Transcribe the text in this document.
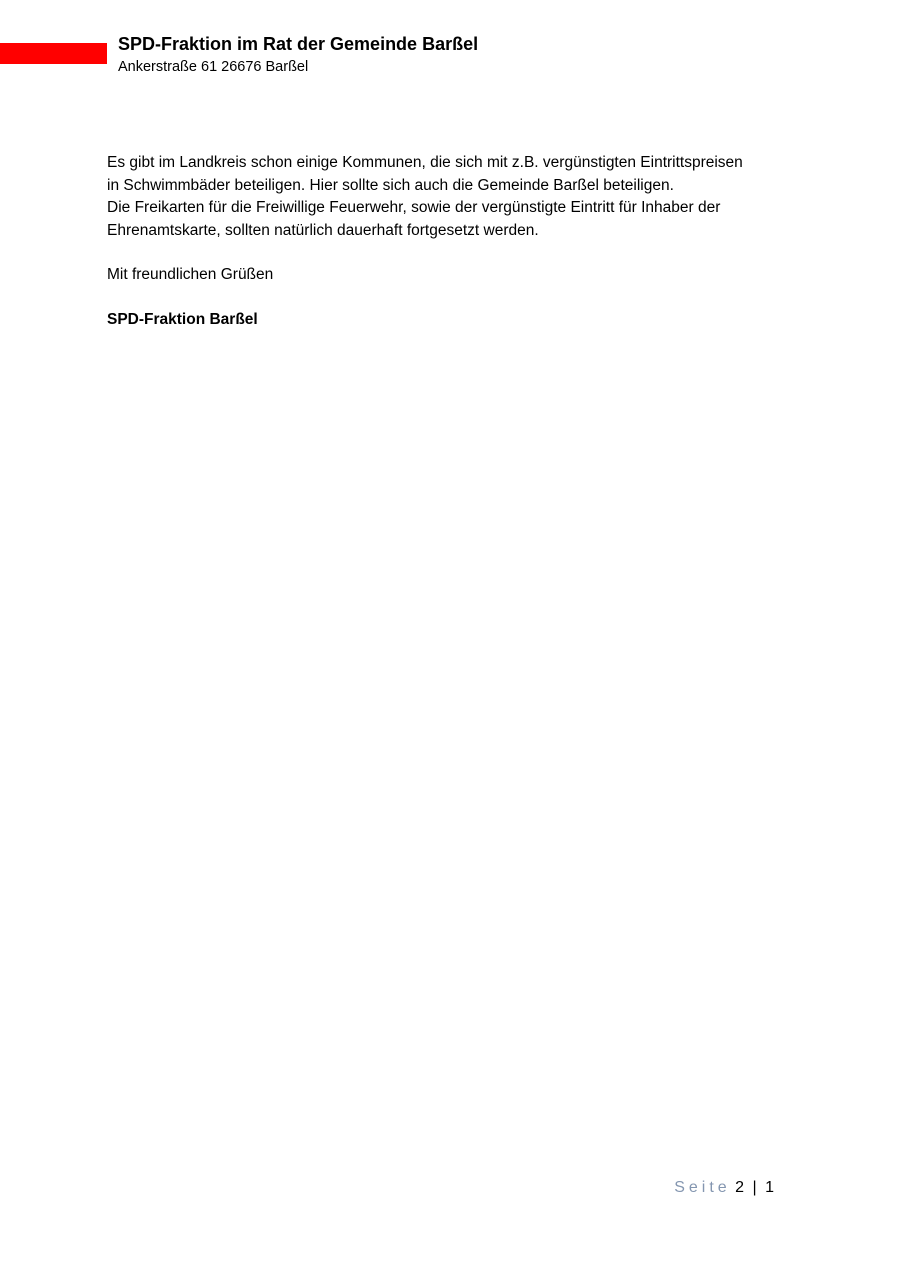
SPD-Fraktion im Rat der Gemeinde Barßel
Ankerstraße 61 26676 Barßel

Es gibt im Landkreis schon einige Kommunen, die sich mit z.B. vergünstigten Eintrittspreisen

in Schwimmbäder beteiligen. Hier sollte sich auch die Gemeinde Barßel beteiligen.

Die Freikarten für die Freiwillige Feuerwehr, sowie der vergünstigte Eintritt für Inhaber der

Ehrenamtskarte, sollten natürlich dauerhaft fortgesetzt werden.

Mit freundlichen Grüßen

SPD-Fraktion Barßel

Seite 2 | 1
